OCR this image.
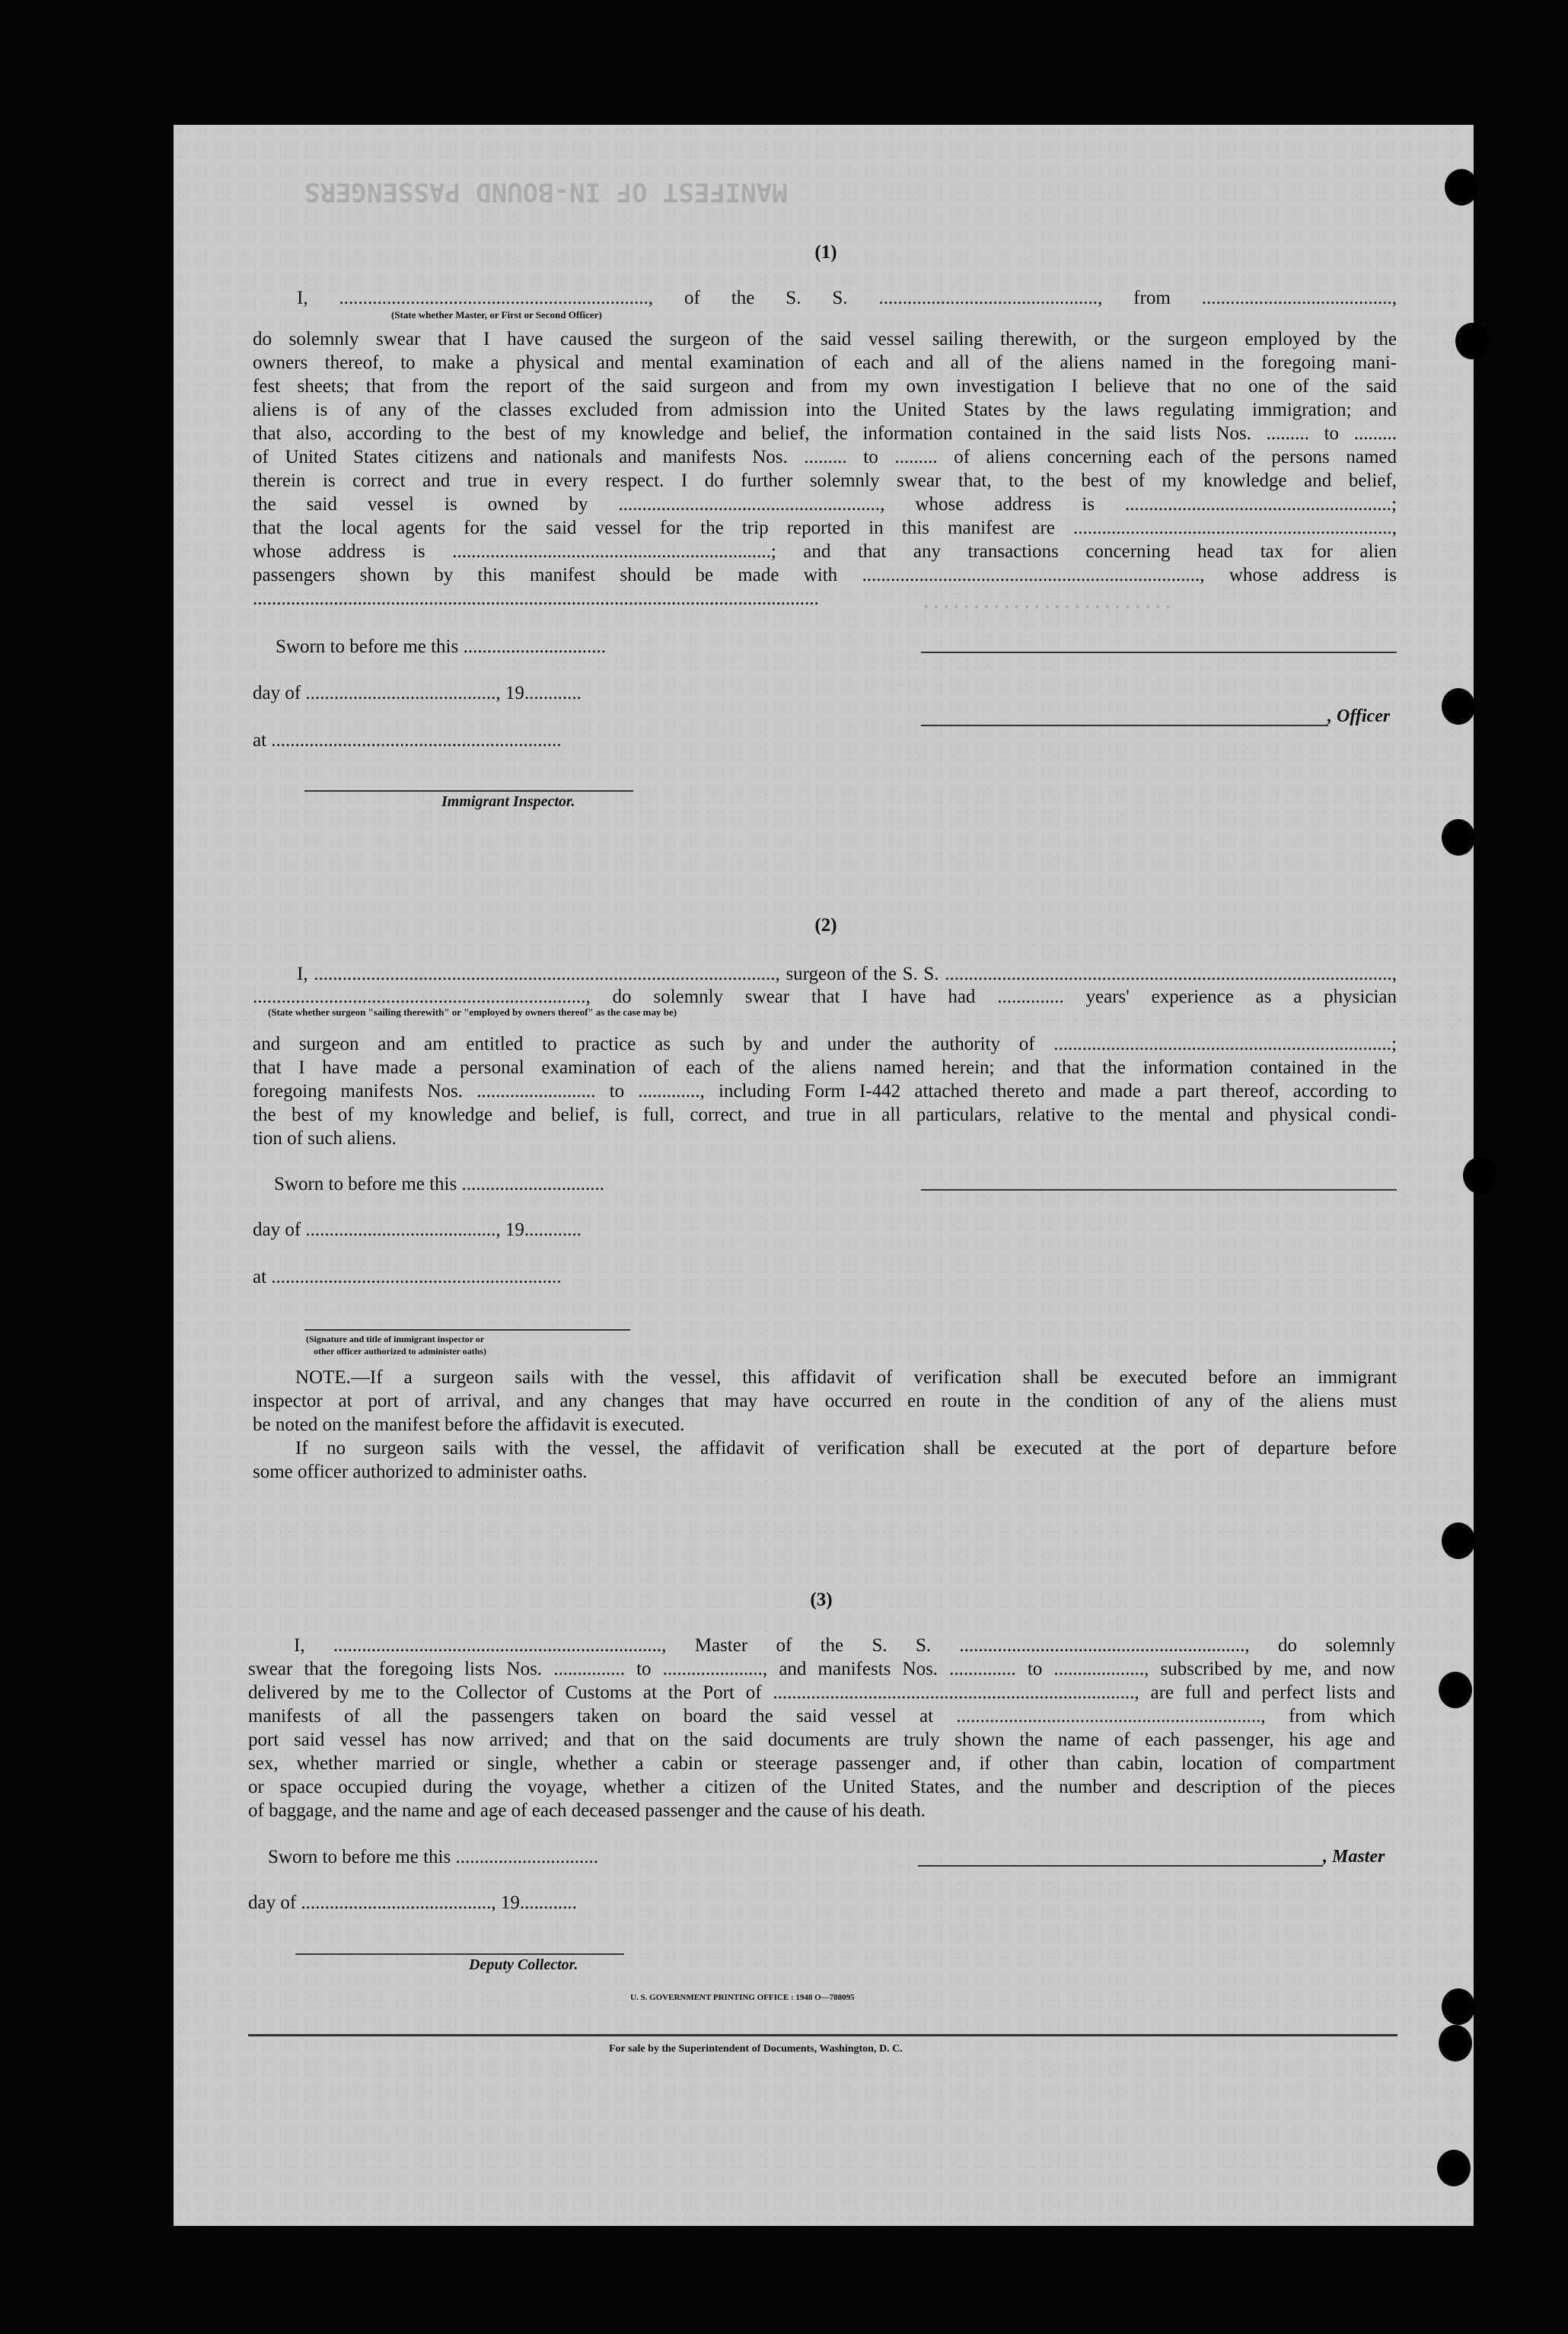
MANIFEST OF IN-BOUND PASSENGERS
.........................
(1)
I, ................................................................., of the S. S. .............................................., from ........................................,
(State whether Master, or First or Second Officer)
do solemnly swear that I have caused the surgeon of the said vessel sailing therewith, or the surgeon employed by the
owners thereof, to make a physical and mental examination of each and all of the aliens named in the foregoing mani-
fest sheets; that from the report of the said surgeon and from my own investigation I believe that no one of the said
aliens is of any of the classes excluded from admission into the United States by the laws regulating immigration; and
that also, according to the best of my knowledge and belief, the information contained in the said lists Nos. ......... to .........
of United States citizens and nationals and manifests Nos. ......... to ......... of aliens concerning each of the persons named
therein is correct and true in every respect. I do further solemnly swear that, to the best of my knowledge and belief,
the said vessel is owned by ......................................................., whose address is ........................................................;
that the local agents for the said vessel for the trip reported in this manifest are ...................................................................,
whose address is ...................................................................; and that any transactions concerning head tax for alien
passengers shown by this manifest should be made with ......................................................................., whose address is
.......................................................................................................................
Sworn to before me this ..............................
day of ........................................, 19............
at .............................................................
, Officer
Immigrant Inspector.
(2)
I, ................................................................................................., surgeon of the S. S. ..............................................................................................,
......................................................................, do solemnly swear that I have had .............. years' experience as a physician
(State whether surgeon "sailing therewith" or "employed by owners thereof" as the case may be)
and surgeon and am entitled to practice as such by and under the authority of .......................................................................;
that I have made a personal examination of each of the aliens named herein; and that the information contained in the
foregoing manifests Nos. ......................... to ............., including Form I-442 attached thereto and made a part thereof, according to
the best of my knowledge and belief, is full, correct, and true in all particulars, relative to the mental and physical condi-
tion of such aliens.
Sworn to before me this ..............................
day of ........................................, 19............
at .............................................................
(Signature and title of immigrant inspector or
other officer authorized to administer oaths)
NOTE.—If a surgeon sails with the vessel, this affidavit of verification shall be executed before an immigrant
inspector at port of arrival, and any changes that may have occurred en route in the condition of any of the aliens must
be noted on the manifest before the affidavit is executed.
If no surgeon sails with the vessel, the affidavit of verification shall be executed at the port of departure before
some officer authorized to administer oaths.
(3)
I, ....................................................................., Master of the S. S. ............................................................, do solemnly
swear that the foregoing lists Nos. ............... to ....................., and manifests Nos. .............. to ..................., subscribed by me, and now
delivered by me to the Collector of Customs at the Port of ............................................................................, are full and perfect lists and
manifests of all the passengers taken on board the said vessel at ................................................................, from which
port said vessel has now arrived; and that on the said documents are truly shown the name of each passenger, his age and
sex, whether married or single, whether a cabin or steerage passenger and, if other than cabin, location of compartment
or space occupied during the voyage, whether a citizen of the United States, and the number and description of the pieces
of baggage, and the name and age of each deceased passenger and the cause of his death.
Sworn to before me this ..............................	, Master
day of ........................................, 19............
Deputy Collector.
U. S. GOVERNMENT PRINTING OFFICE : 1948 O—788095
For sale by the Superintendent of Documents, Washington, D. C.
